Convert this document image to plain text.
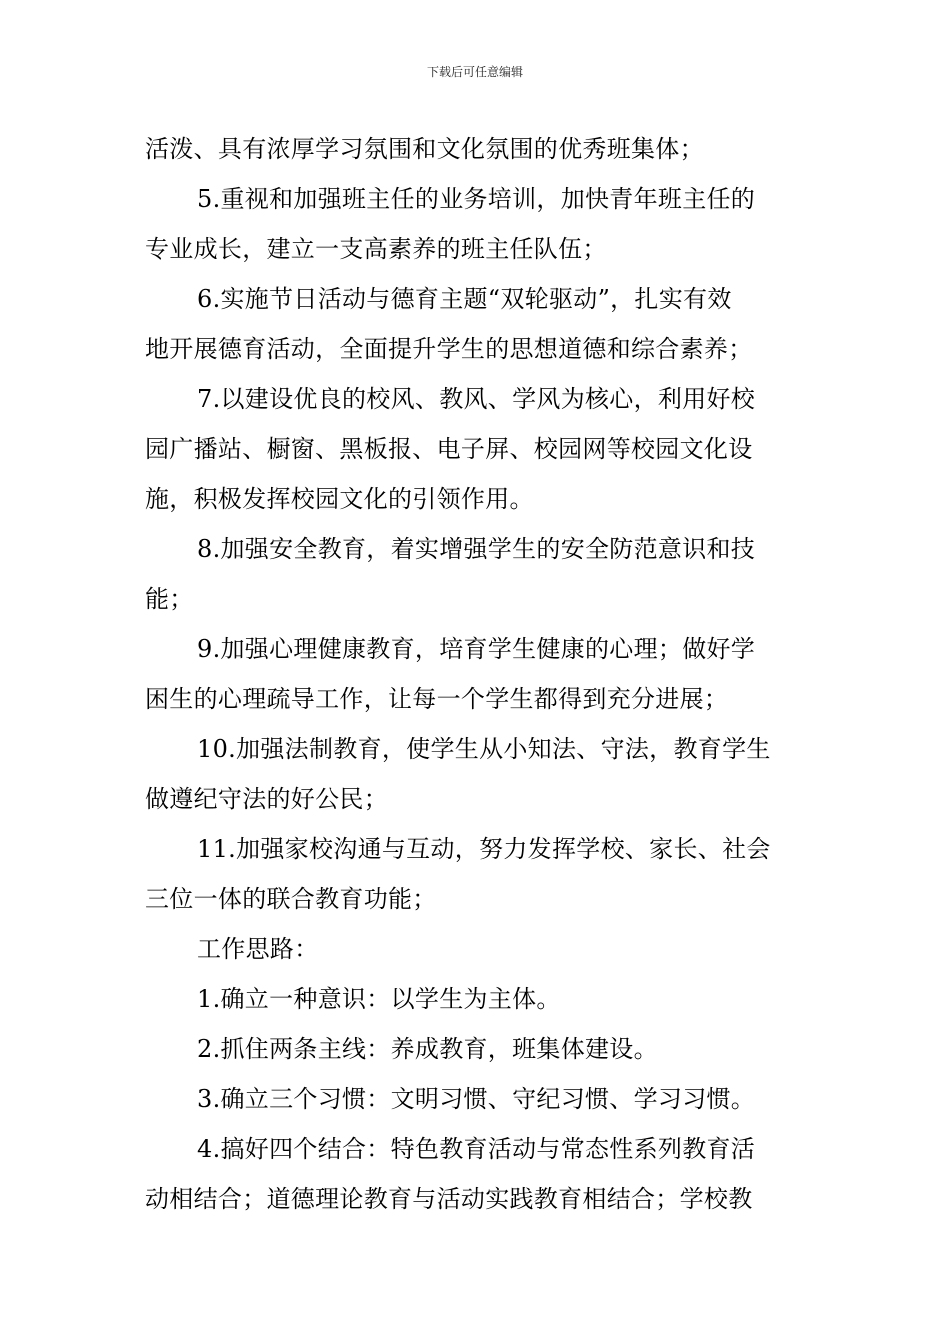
下载后可任意编辑
活泼、具有浓厚学习氛围和文化氛围的优秀班集体；
5.重视和加强班主任的业务培训，加快青年班主任的
专业成长，建立一支高素养的班主任队伍；
6.实施节日活动与德育主题“双轮驱动”，扎实有效
地开展德育活动，全面提升学生的思想道德和综合素养；
7.以建设优良的校风、教风、学风为核心，利用好校
园广播站、橱窗、黑板报、电子屏、校园网等校园文化设
施，积极发挥校园文化的引领作用。
8.加强安全教育，着实增强学生的安全防范意识和技
能；
9.加强心理健康教育，培育学生健康的心理；做好学
困生的心理疏导工作，让每一个学生都得到充分进展；
10.加强法制教育，使学生从小知法、守法，教育学生
做遵纪守法的好公民；
11.加强家校沟通与互动，努力发挥学校、家长、社会
三位一体的联合教育功能；
工作思路：
1.确立一种意识：以学生为主体。
2.抓住两条主线：养成教育，班集体建设。
3.确立三个习惯：文明习惯、守纪习惯、学习习惯。
4.搞好四个结合：特色教育活动与常态性系列教育活
动相结合；道德理论教育与活动实践教育相结合；学校教
